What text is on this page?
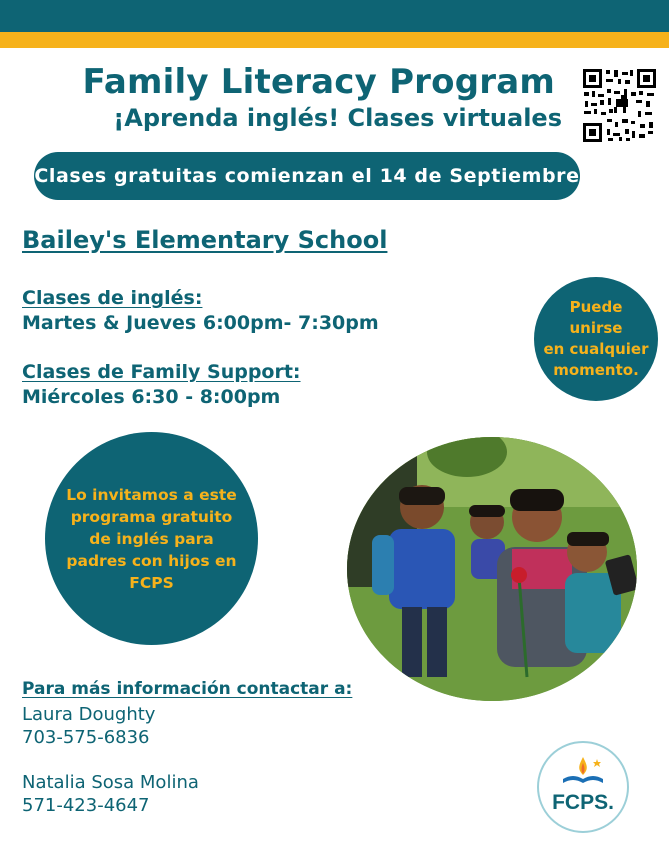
Family Literacy Program
¡Aprenda inglés! Clases virtuales
Clases gratuitas comienzan el 14 de Septiembre
Bailey's Elementary School
Clases de inglés:
Martes & Jueves 6:00pm- 7:30pm
Clases de Family Support:
Miércoles 6:30 - 8:00pm
Puede
unirse
en cualquier
momento.
Lo invitamos a este programa gratuito de inglés para padres con hijos en FCPS
Para más información contactar a:
Laura Doughty
703-575-6836
Natalia Sosa Molina
571-423-4647	FCPS.
